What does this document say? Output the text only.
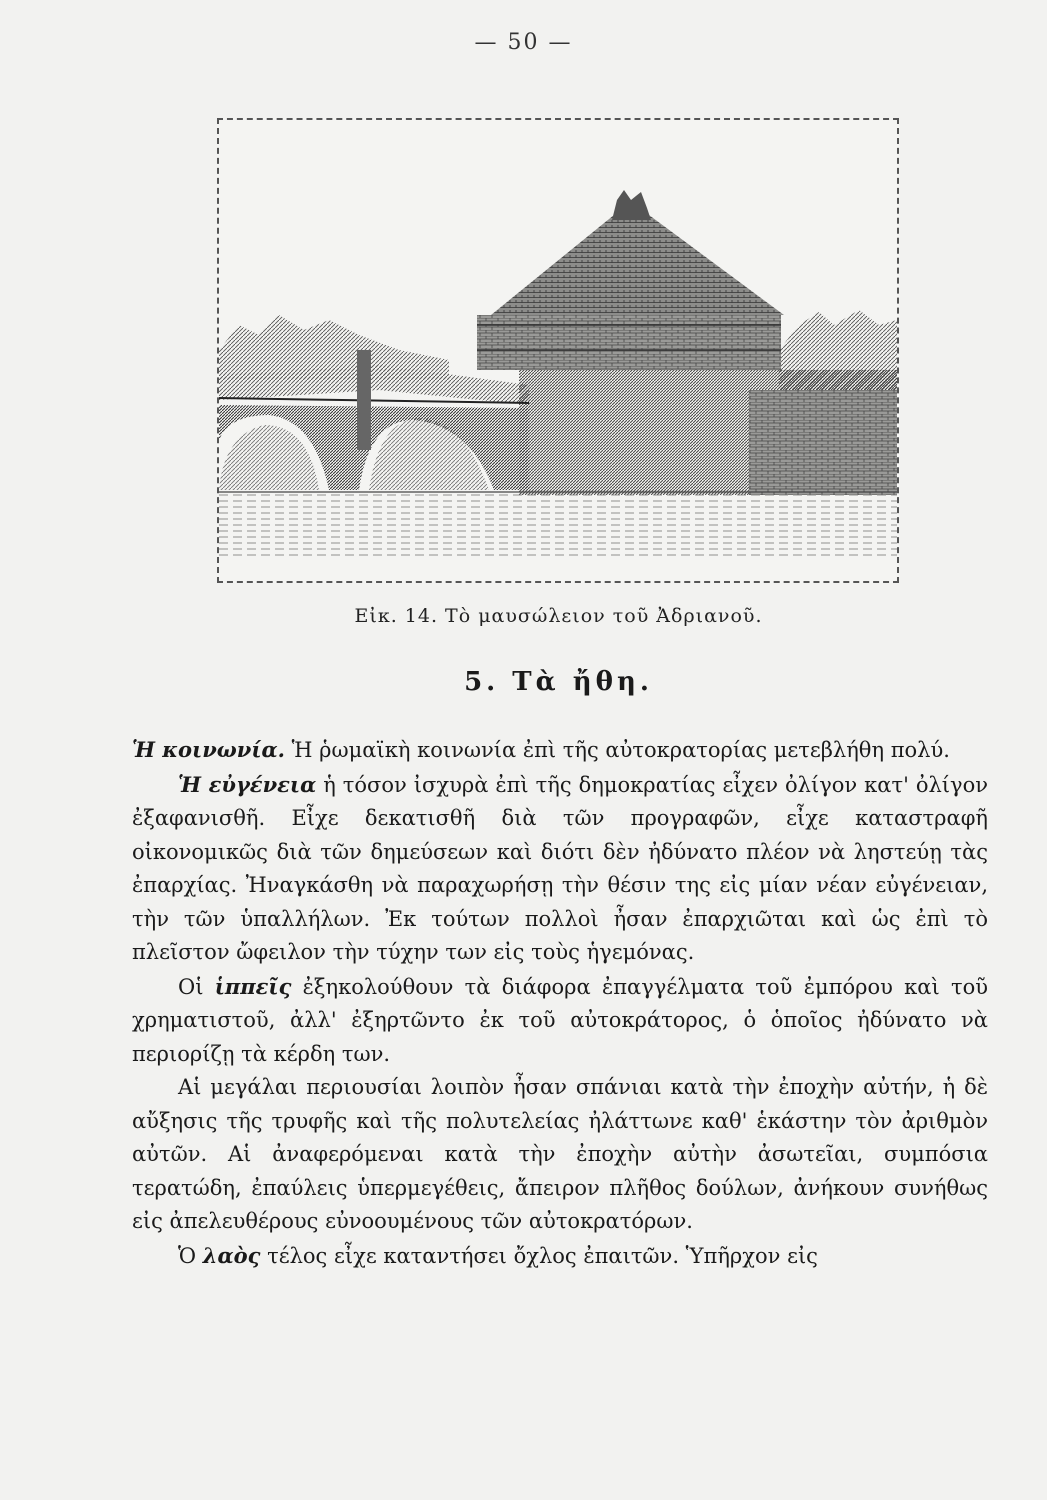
— 50 —
Εἰκ. 14. Τὸ μαυσώλειον τοῦ Ἀδριανοῦ.
5. Τὰ ἤθη.

Ἡ κοινωνία. Ἡ ῥωμαϊκὴ κοινωνία ἐπὶ τῆς αὐτοκρατορίας μετεβλήθη πολύ.

Ἡ εὐγένεια ἡ τόσον ἰσχυρὰ ἐπὶ τῆς δημοκρατίας εἶχεν ὀλίγον κατ' ὀλίγον ἐξαφανισθῆ. Εἶχε δεκατισθῆ διὰ τῶν προγραφῶν, εἶχε καταστραφῆ οἰκονομικῶς διὰ τῶν δημεύσεων καὶ διότι δὲν ἠδύνατο πλέον νὰ ληστεύῃ τὰς ἐπαρχίας. Ἠναγκάσθη νὰ παραχωρήσῃ τὴν θέσιν της εἰς μίαν νέαν εὐγένειαν, τὴν τῶν ὑπαλλήλων. Ἐκ τούτων πολλοὶ ἦσαν ἐπαρχιῶται καὶ ὡς ἐπὶ τὸ πλεῖστον ὤφειλον τὴν τύχην των εἰς τοὺς ἡγεμόνας.

Οἱ ἱππεῖς ἐξηκολούθουν τὰ διάφορα ἐπαγγέλματα τοῦ ἐμπόρου καὶ τοῦ χρηματιστοῦ, ἀλλ' ἐξηρτῶντο ἐκ τοῦ αὐτοκράτορος, ὁ ὁποῖος ἠδύνατο νὰ περιορίζῃ τὰ κέρδη των.

Αἱ μεγάλαι περιουσίαι λοιπὸν ἦσαν σπάνιαι κατὰ τὴν ἐποχὴν αὐτήν, ἡ δὲ αὔξησις τῆς τρυφῆς καὶ τῆς πολυτελείας ἠλάττωνε καθ' ἑκάστην τὸν ἀριθμὸν αὐτῶν. Αἱ ἀναφερόμεναι κατὰ τὴν ἐποχὴν αὐτὴν ἀσωτεῖαι, συμπόσια τερατώδη, ἐπαύλεις ὑπερμεγέθεις, ἄπειρον πλῆθος δούλων, ἀνήκουν συνήθως εἰς ἀπελευθέρους εὐνοουμένους τῶν αὐτοκρατόρων.

Ὁ λαὸς τέλος εἶχε καταντήσει ὄχλος ἐπαιτῶν. Ὑπῆρχον εἰς
